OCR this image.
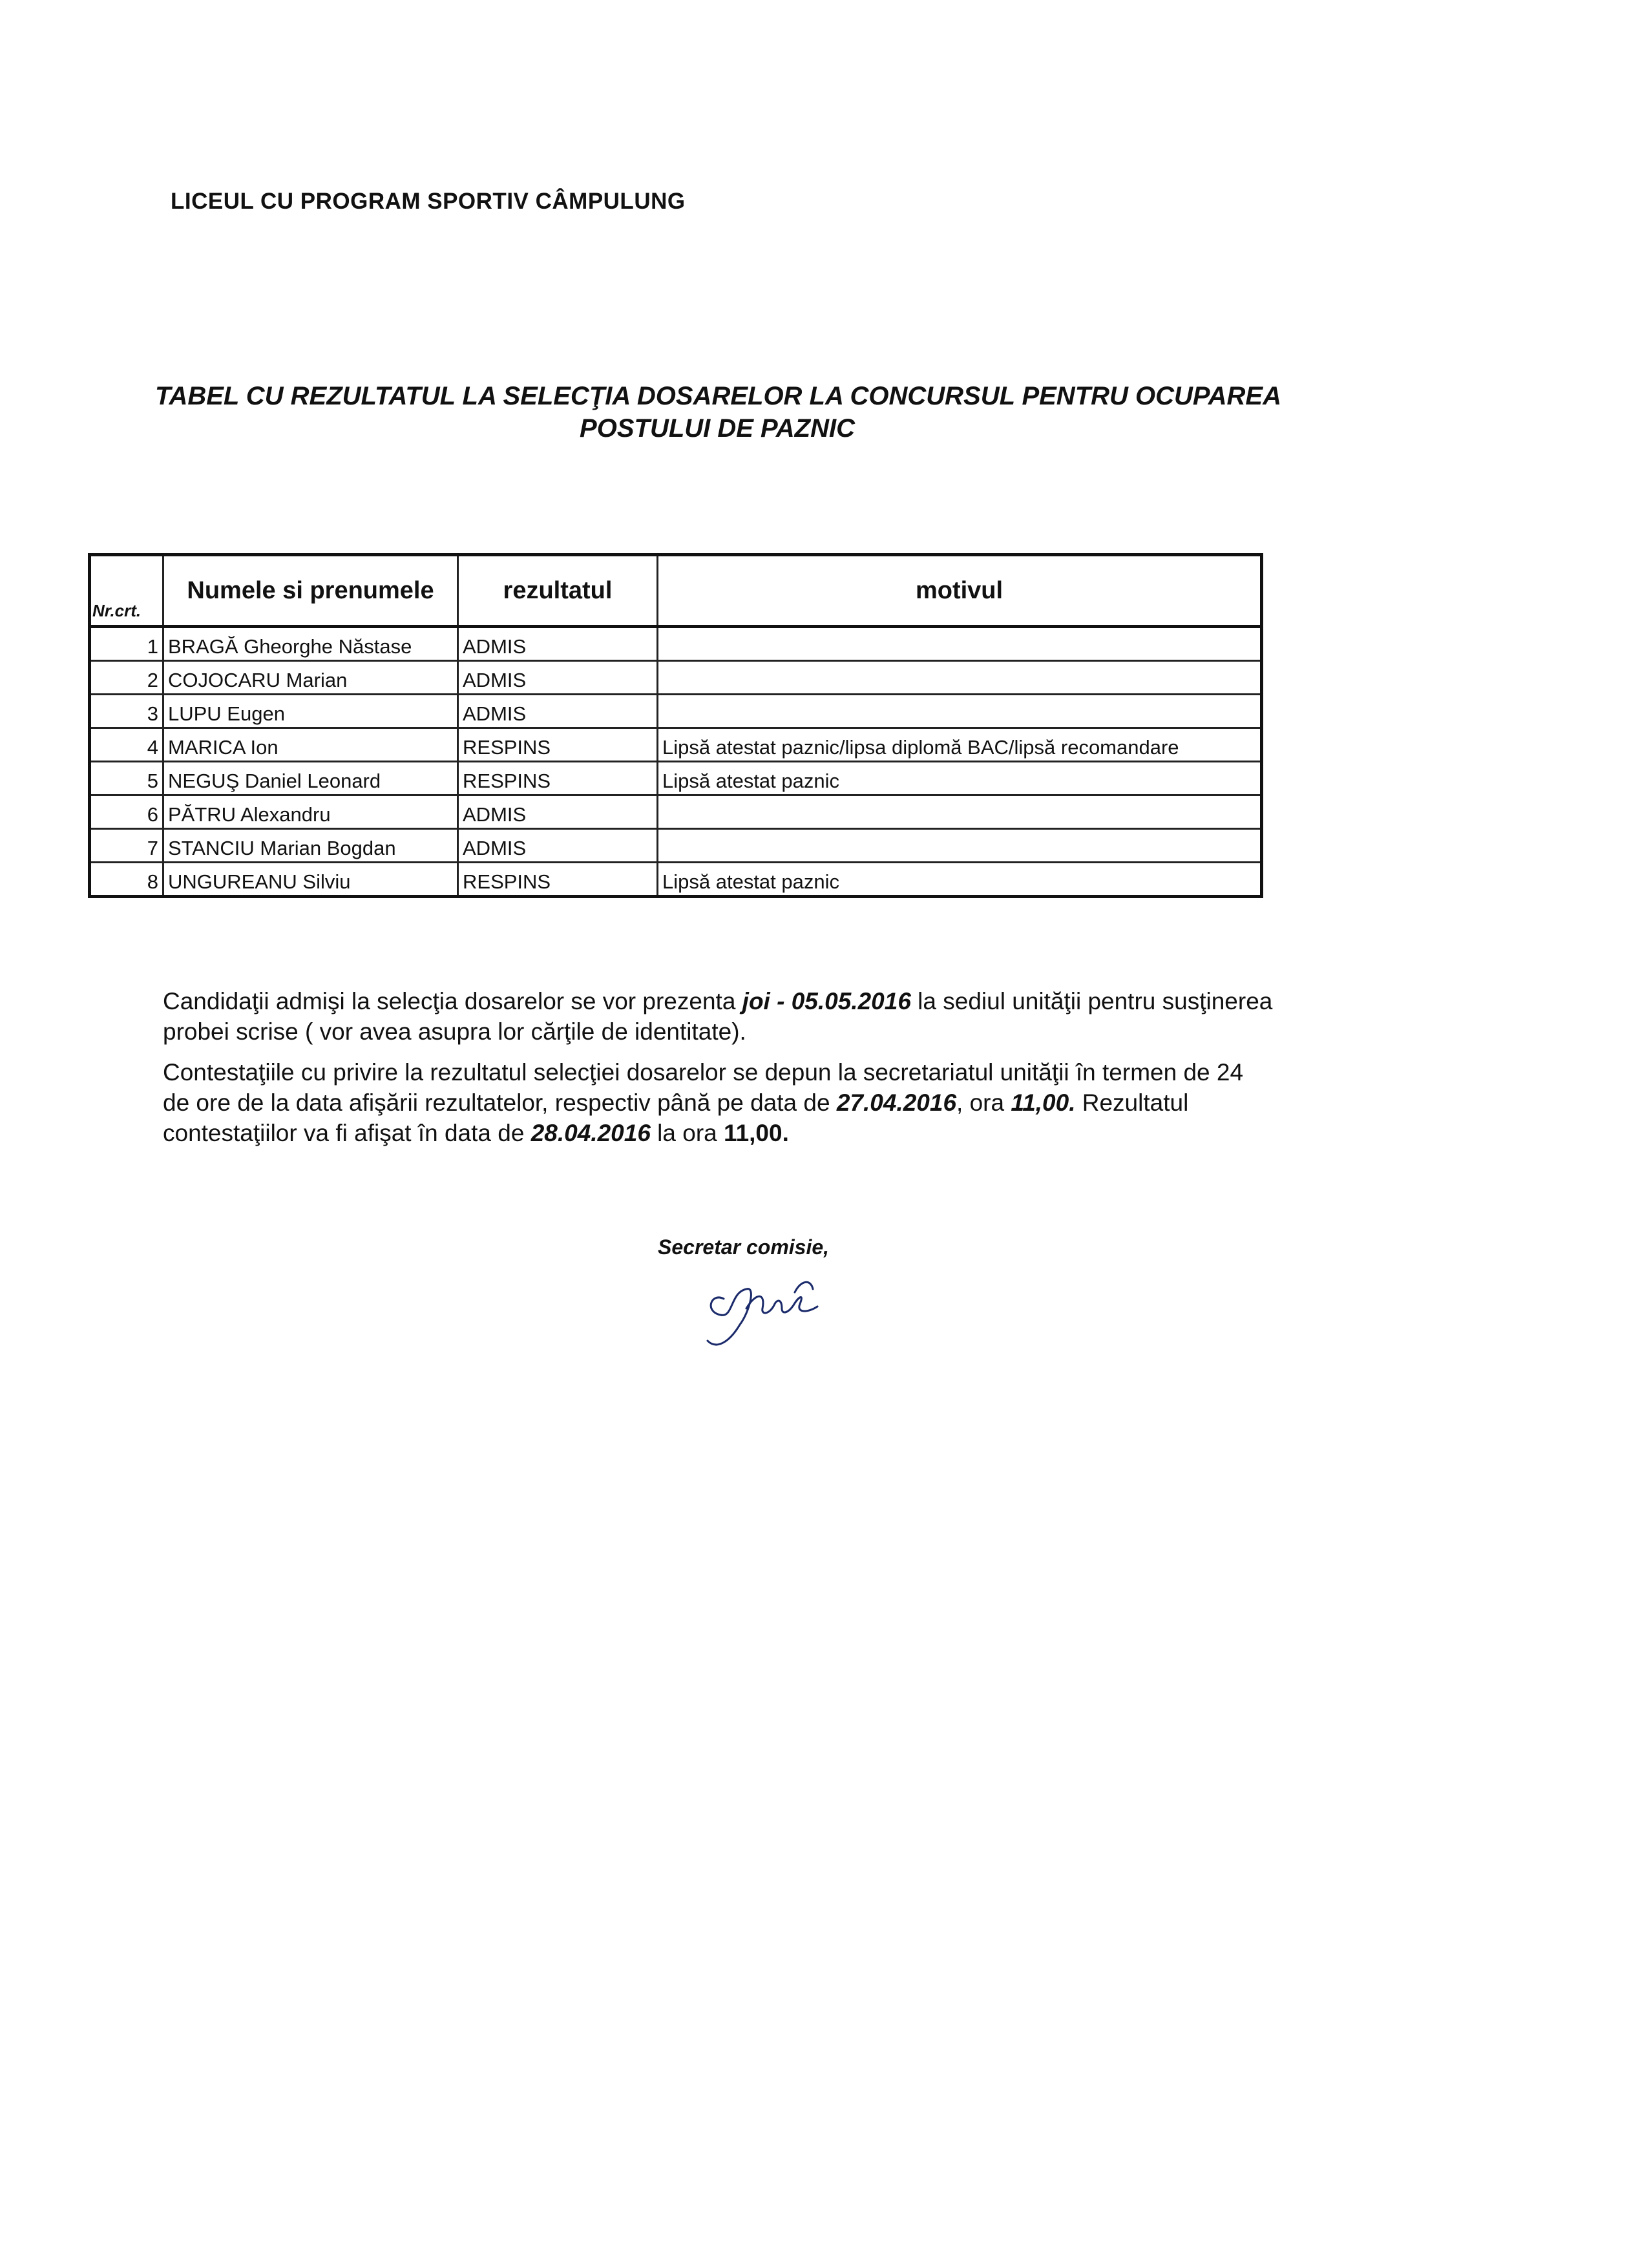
LICEUL CU PROGRAM SPORTIV CÂMPULUNG
TABEL CU REZULTATUL LA SELECŢIA DOSARELOR LA CONCURSUL PENTRU OCUPAREA
POSTULUI DE PAZNIC
Nr.crt.	Numele si prenumele	rezultatul	motivul
1	BRAGĂ Gheorghe Năstase	ADMIS	
2	COJOCARU Marian	ADMIS	
3	LUPU Eugen	ADMIS	
4	MARICA Ion	RESPINS	Lipsă atestat paznic/lipsa diplomă BAC/lipsă recomandare
5	NEGUŞ Daniel Leonard	RESPINS	Lipsă atestat paznic
6	PĂTRU Alexandru	ADMIS	
7	STANCIU Marian Bogdan	ADMIS	
8	UNGUREANU Silviu	RESPINS	Lipsă atestat paznic
Candidaţii admişi la selecţia dosarelor se vor prezenta joi - 05.05.2016 la sediul unităţii pentru susţinerea probei scrise ( vor avea asupra lor cărţile de identitate).
Contestaţiile cu privire la rezultatul selecţiei dosarelor se depun la secretariatul unităţii în termen de 24 de ore de la data afişării rezultatelor, respectiv până pe data de 27.04.2016, ora 11,00. Rezultatul contestaţiilor va fi afişat în data de 28.04.2016 la ora 11,00.
Secretar comisie,
